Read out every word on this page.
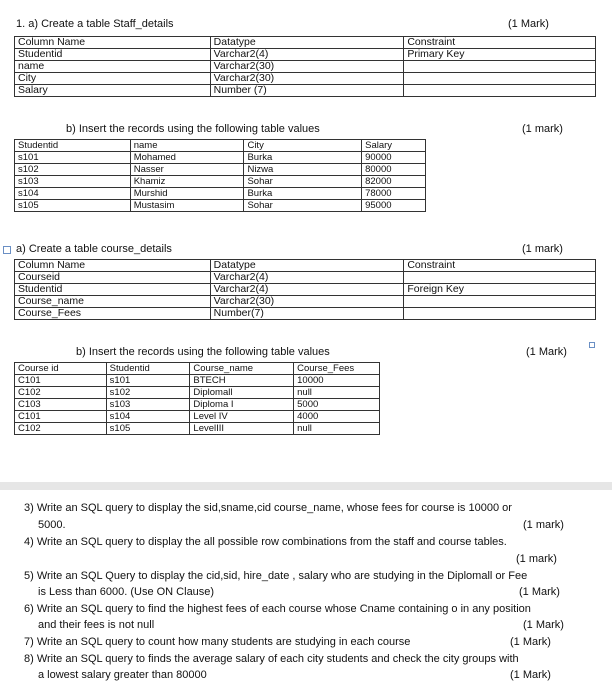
1. a) Create a table Staff_details	(1 Mark)
Column Name	Datatype	Constraint
Studentid	Varchar2(4)	Primary Key
name	Varchar2(30)	
City	Varchar2(30)	
Salary	Number (7)	
b) Insert the records using the following table values	(1 mark)
Studentid	name	City	Salary
s101	Mohamed	Burka	90000
s102	Nasser	Nizwa	80000
s103	Khamiz	Sohar	82000
s104	Murshid	Burka	78000
s105	Mustasim	Sohar	95000
a) Create a table course_details	(1 mark)
Column Name	Datatype	Constraint
Courseid	Varchar2(4)	
Studentid	Varchar2(4)	Foreign Key
Course_name	Varchar2(30)	
Course_Fees	Number(7)	
b) Insert the records using the following table values	(1 Mark)
Course id	Studentid	Course_name	Course_Fees
C101	s101	BTECH	10000
C102	s102	Diplomall	null
C103	s103	Diploma I	5000
C101	s104	Level IV	4000
C102	s105	LevelIII	null
3) Write an SQL query to display the sid,sname,cid course_name, whose fees for course is 10000 or
5000.	(1 mark)
4) Write an SQL query to display the all possible row combinations from the staff and course tables.
(1 mark)
5) Write an SQL Query to display the cid,sid, hire_date , salary who are studying in the Diplomall or Fee
is Less than 6000. (Use ON Clause)	(1 Mark)
6) Write an SQL query to find the highest fees of each course whose Cname containing o in any position
and their fees is not null	(1 Mark)
7) Write an SQL query to count how many students are studying in each course	(1 Mark)
8) Write an SQL query to finds the average salary of each city students and check the city groups with
a lowest salary greater than 80000	(1 Mark)
